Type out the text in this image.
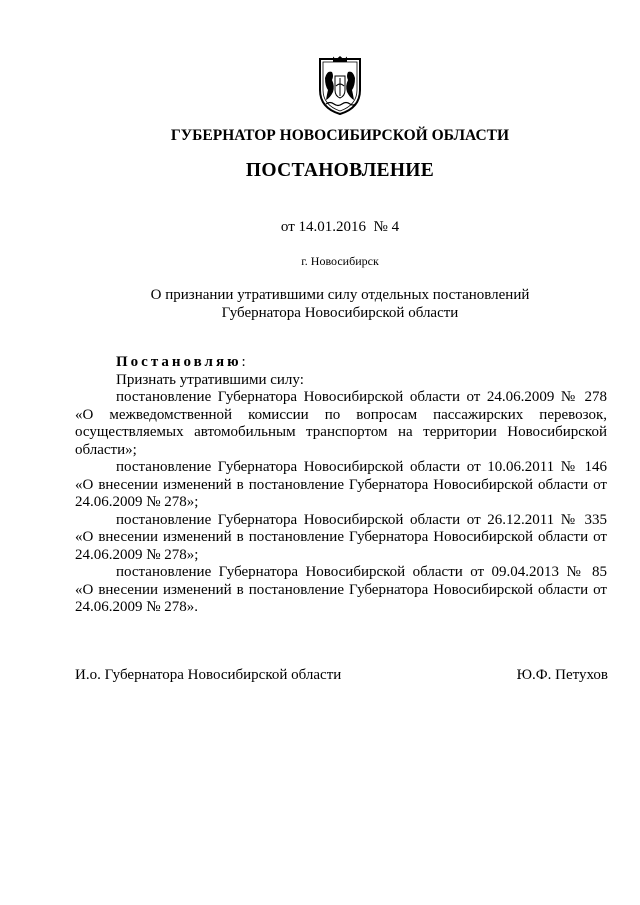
ГУБЕРНАТОР НОВОСИБИРСКОЙ ОБЛАСТИ
ПОСТАНОВЛЕНИЕ
от 14.01.2016 № 4
г. Новосибирск
О признании утратившими силу отдельных постановлений
Губернатора Новосибирской области

Постановляю:

Признать утратившими силу:

постановление Губернатора Новосибирской области от 24.06.2009 № 278

«О межведомственной комиссии по вопросам пассажирских перевозок, осуществляемых автомобильным транспортом на территории Новосибирской области»;

постановление Губернатора Новосибирской области от 10.06.2011 № 146

«О внесении изменений в постановление Губернатора Новосибирской области от 24.06.2009 № 278»;

постановление Губернатора Новосибирской области от 26.12.2011 № 335

«О внесении изменений в постановление Губернатора Новосибирской области от 24.06.2009 № 278»;

постановление Губернатора Новосибирской области от 09.04.2013 № 85

«О внесении изменений в постановление Губернатора Новосибирской области от 24.06.2009 № 278».

И.о. Губернатора Новосибирской области	Ю.Ф. Петухов
